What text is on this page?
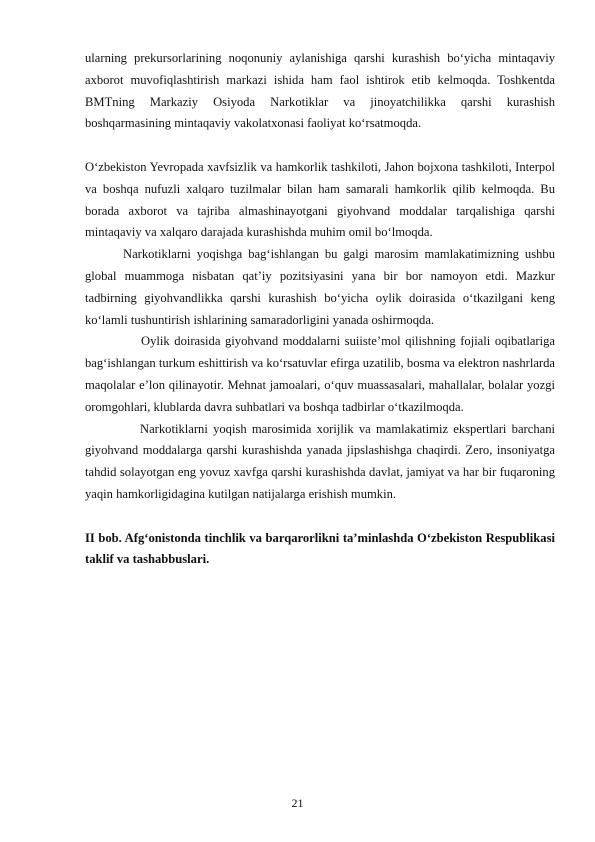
ularning prekursorlarining noqonuniy aylanishiga qarshi kurashish bo‘yicha mintaqaviy axborot muvofiqlashtirish markazi ishida ham faol ishtirok etib kelmoqda. Toshkentda BMTning Markaziy Osiyoda Narkotiklar va jinoyatchilikka qarshi kurashish boshqarmasining mintaqaviy vakolatxonasi faoliyat ko‘rsatmoqda.

O‘zbekiston Yevropada xavfsizlik va hamkorlik tashkiloti, Jahon bojxona tashkiloti, Interpol va boshqa nufuzli xalqaro tuzilmalar bilan ham samarali hamkorlik qilib kelmoqda. Bu borada axborot va tajriba almashinayotgani giyohvand moddalar tarqalishiga qarshi mintaqaviy va xalqaro darajada kurashishda muhim omil bo‘lmoqda.

Narkotiklarni yoqishga bag‘ishlangan bu galgi marosim mamlakatimizning ushbu global muammoga nisbatan qat’iy pozitsiyasini yana bir bor namoyon etdi. Mazkur tadbirning giyohvandlikka qarshi kurashish bo‘yicha oylik doirasida o‘tkazilgani keng ko‘lamli tushuntirish ishlarining samaradorligini yanada oshirmoqda.

Oylik doirasida giyohvand moddalarni suiiste’mol qilishning fojiali oqibatlariga bag‘ishlangan turkum eshittirish va ko‘rsatuvlar efirga uzatilib, bosma va elektron nashrlarda maqolalar e’lon qilinayotir. Mehnat jamoalari, o‘quv muassasalari, mahallalar, bolalar yozgi oromgohlari, klublarda davra suhbatlari va boshqa tadbirlar o‘tkazilmoqda.

Narkotiklarni yoqish marosimida xorijlik va mamlakatimiz ekspertlari barchani giyohvand moddalarga qarshi kurashishda yanada jipslashishga chaqirdi. Zero, insoniyatga tahdid solayotgan eng yovuz xavfga qarshi kurashishda davlat, jamiyat va har bir fuqaroning yaqin hamkorligidagina kutilgan natijalarga erishish mumkin.

II bob. Afg‘onistonda tinchlik va barqarorlikni ta’minlashda O‘zbekiston Respublikasi taklif va tashabbuslari.

21
